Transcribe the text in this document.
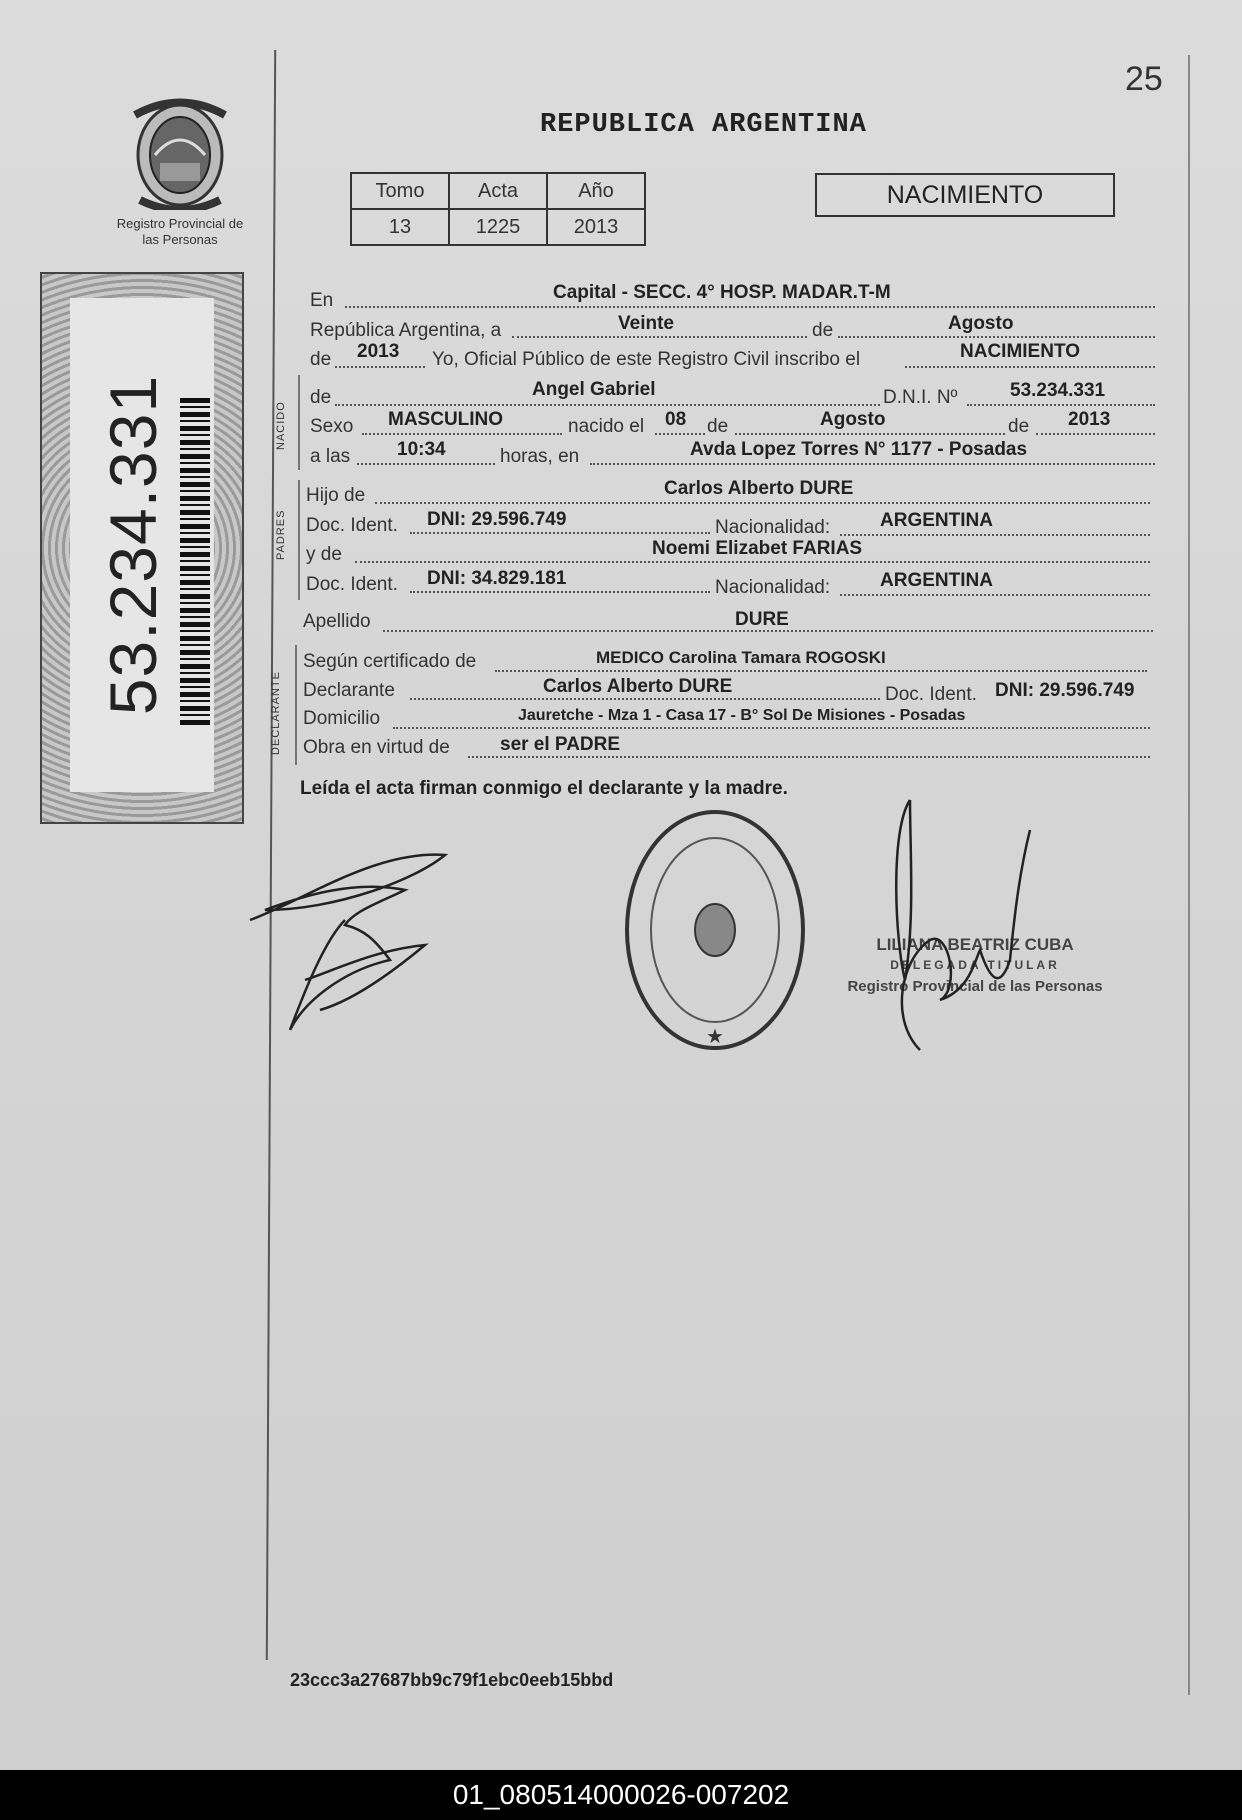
25
Registro Provincial de las Personas
53.234.331
REPUBLICA ARGENTINA
Tomo	Acta	Año
13	1225	2013
NACIMIENTO
En	Capital - SECC. 4° HOSP. MADAR.T-M
República Argentina, a	Veinte	de	Agosto
de 2013 Yo, Oficial Público de este Registro Civil inscribo el	NACIMIENTO
NACIDO
de	Angel Gabriel	D.N.I. Nº	53.234.331
Sexo MASCULINO	nacido el 08 de	Agosto	de 2013
a las 10:34	horas, en	Avda Lopez Torres N° 1177 - Posadas
PADRES
Hijo de	Carlos Alberto DURE
Doc. Ident. DNI: 29.596.749	Nacionalidad:	ARGENTINA
y de	Noemi Elizabet FARIAS
Doc. Ident. DNI: 34.829.181	Nacionalidad:	ARGENTINA
Apellido	DURE
DECLARANTE
Según certificado de	MEDICO Carolina Tamara ROGOSKI
Declarante	Carlos Alberto DURE	Doc. Ident. DNI: 29.596.749
Domicilio	Jauretche - Mza 1 - Casa 17 - B° Sol De Misiones - Posadas
Obra en virtud de	ser el PADRE
Leída el acta firman conmigo el declarante y la madre.
★
LILIANA BEATRIZ CUBA
DELEGADA TITULAR
Registro Provincial de las Personas
23ccc3a27687bb9c79f1ebc0eeb15bbd
01_080514000026-007202
